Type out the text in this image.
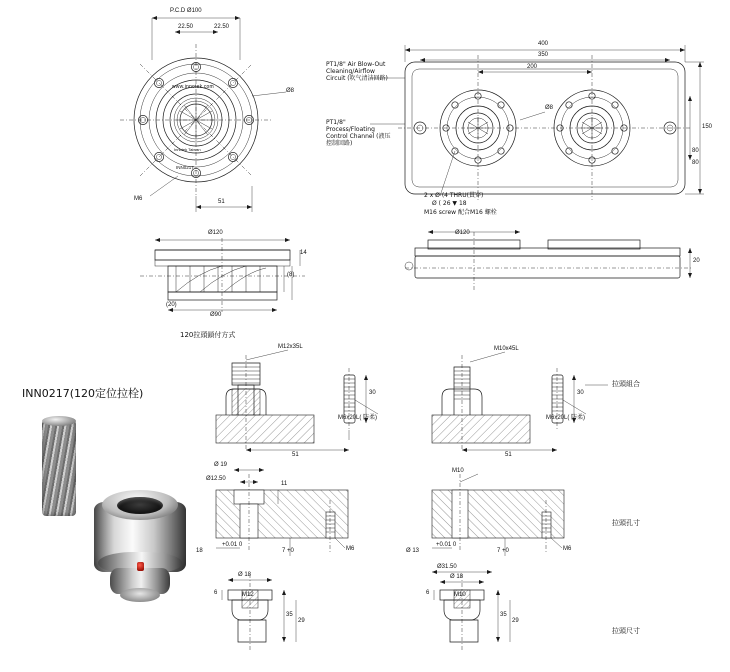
P.C.D Ø100
22.50	22.50
Ø8
51
M6
www.innotek.com
Innotek Taiwan
INN0217
400
350
200
Ø8
150
80
80
PT1/8" Air Blow-Out Cleaning/Airflow Circuit (吹气清洁回路)
PT1/8" Process/Floating Control Channel (液压控制回路)
2 x Ø (4 THRU(貫穿)
Ø ( 26 ▼ 18
M16 screw 配合M16 螺栓
Ø120
Ø90
14
(8)
(20)
120拉頭鎖付方式
Ø120
20
M12x35L
M6x20L( 防柔)
30
51
M10x45L
M6x20L( 防柔)
30
51
拉頭組合
Ø 19
Ø12.50
11
18
+0.01 0
7 +0	M6
M10
Ø 13
+0.01 0
7 +0	M6
拉頭孔寸
Ø 18
M12
35
29
6
Ø31.50
Ø 18
M10
35
29
6
拉頭尺寸
INN0217(120定位拉栓)
